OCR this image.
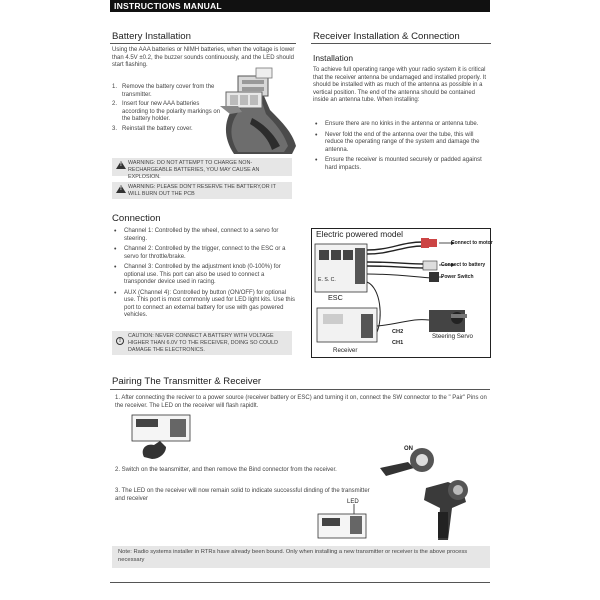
INSTRUCTIONS MANUAL
Battery Installation
Using the AAA batteries or NIMH batteries, when the voltage is lower than 4.5V ±0.2, the buzzer sounds continuously, and the LED should start flashing.
1. Remove the battery cover from the transmitter.
2. Insert four new AAA batteries according to the polarity markings on the battery holder.
3. Reinstall the battery cover.
!
WARNING: DO NOT ATTEMPT TO CHARGE NON-RECHARGEABLE BATTERIES, YOU MAY CAUSE AN EXPLOSION.
!
WARNING: PLEASE DON'T RESERVE THE BATTERY,OR IT WILL BURN OUT THE PCB
Connection
• Channel 1: Controlled by the wheel, connect to a servo for steering.
• Channel 2: Controlled by the trigger, connect to the ESC or a servo for throttle/brake.
• Channel 3: Controlled by the adjustment knob (0-100%) for optional use. This port can also be used to connect a transponder device used in racing.
• AUX (Channel 4): Controlled by button (ON/OFF) for optional use. This port is most commonly used for LED light kits. Use this port to connect an external battery for use with gas powered vehicles.
!
CAUTION: NEVER CONNECT A BATTERY WITH VOLTAGE HIGHER THAN 6.0V TO THE RECEIVER, DOING SO COULD DAMAGE THE ELECTRONICS.
Receiver Installation & Connection
Installation
To achieve full operating range with your radio system it is critical that the receiver antenna be undamaged and installed properly. It should be installed with as much of the antenna as possible in a vertical position. The end of the antenna should be contained inside an antenna tube. When installing:
• Ensure there are no kinks in the antenna or antenna tube.
• Never fold the end of the antenna over the tube, this will reduce the operating range of the system and damage the antenna.
• Ensure the receiver is mounted securely or padded against hard impacts.
Electric powered model
Connect to motor
Connect to battery
Power Switch
E. S. C.
ESC
CH2
CH1
Receiver
Steering Servo
Pairing The Transmitter & Receiver
1. After connecting the reciver to a power source (receiver battery or ESC) and turning it on, connect the SW connector to the " Pair" Pins on the receiver. The LED on the receiver will flash rapidlt.
2. Switch on the teansmitter, and then remove the Bind connector from the receiver.
ON
3. The LED on the receiver will now remain solid to indicate successful dinding of the transmitter and receiver
LED
Note: Radio systems installer in RTRs have already been bound. Only when installing a new transmitter or receiver is the above process necessary
